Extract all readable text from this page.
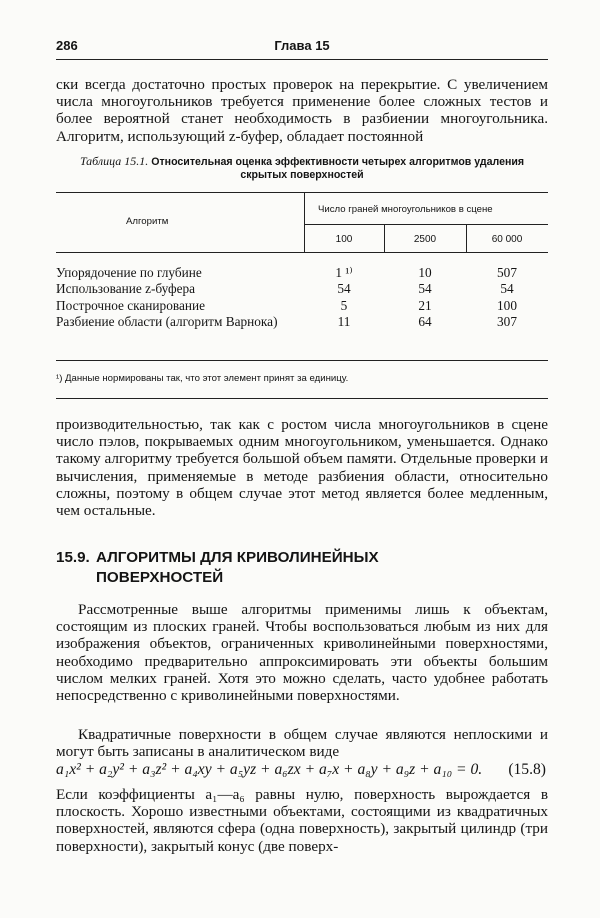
286	Глава 15

ски всегда достаточно простых проверок на перекрытие. С увеличением числа многоугольников требуется применение более сложных тестов и более вероятной станет необходимость в разбиении многоугольника. Алгоритм, использующий z-буфер, обладает постоянной

Таблица 15.1. Относительная оценка эффективности четырех алгоритмов удаления скрытых поверхностей
Алгоритм
Число граней многоугольников в сцене
100	2500	60 000
Упорядочение по глубине	1 ¹⁾	10	507
Использование z-буфера	54	54	54
Построчное сканирование	5	21	100
Разбиение области (алгоритм Варнока)	11	64	307
¹) Данные нормированы так, что этот элемент принят за единицу.

производительностью, так как с ростом числа многоугольников в сцене число пэлов, покрываемых одним многоугольником, уменьшается. Однако такому алгоритму требуется большой объем памяти. Отдельные проверки и вычисления, применяемые в методе разбиения области, относительно сложны, поэтому в общем случае этот метод является более медленным, чем остальные.

15.9. АЛГОРИТМЫ ДЛЯ КРИВОЛИНЕЙНЫХ
ПОВЕРХНОСТЕЙ

Рассмотренные выше алгоритмы применимы лишь к объектам, состоящим из плоских граней. Чтобы воспользоваться любым из них для изображения объектов, ограниченных криволинейными поверхностями, необходимо предварительно аппроксимировать эти объекты большим числом мелких граней. Хотя это можно сделать, часто удобнее работать непосредственно с криволинейными поверхностями.

Квадратичные поверхности в общем случае являются неплоскими и могут быть записаны в аналитическом виде

a₁x² + a₂y² + a₃z² + a₄xy + a₅yz + a₆zx + a₇x + a₈y + a₉z + a₁₀ = 0. (15.8)

Если коэффициенты a₁—a₆ равны нулю, поверхность вырождается в плоскость. Хорошо известными объектами, состоящими из квадратичных поверхностей, являются сфера (одна поверхность), закрытый цилиндр (три поверхности), закрытый конус (две поверх-
